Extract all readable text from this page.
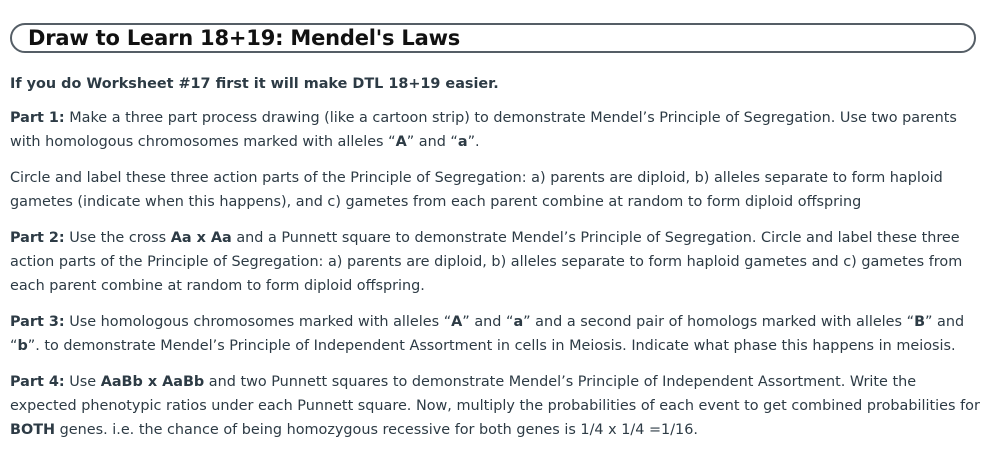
Draw to Learn 18+19: Mendel's Laws

If you do Worksheet #17 first it will make DTL 18+19 easier.

Part 1: Make a three part process drawing (like a cartoon strip) to demonstrate Mendel’s Principle of Segregation. Use two parents with homologous chromosomes marked with alleles “A” and “a”.

Circle and label these three action parts of the Principle of Segregation: a) parents are diploid, b) alleles separate to form haploid gametes (indicate when this happens), and c) gametes from each parent combine at random to form diploid offspring

Part 2: Use the cross Aa x Aa and a Punnett square to demonstrate Mendel’s Principle of Segregation. Circle and label these three action parts of the Principle of Segregation: a) parents are diploid, b) alleles separate to form haploid gametes and c) gametes from each parent combine at random to form diploid offspring.

Part 3: Use homologous chromosomes marked with alleles “A” and “a” and a second pair of homologs marked with alleles “B” and “b”. to demonstrate Mendel’s Principle of Independent Assortment in cells in Meiosis. Indicate what phase this happens in meiosis.

Part 4: Use AaBb x AaBb and two Punnett squares to demonstrate Mendel’s Principle of Independent Assortment. Write the expected phenotypic ratios under each Punnett square. Now, multiply the probabilities of each event to get combined probabilities for BOTH genes. i.e. the chance of being homozygous recessive for both genes is 1/4 x 1/4 =1/16.
